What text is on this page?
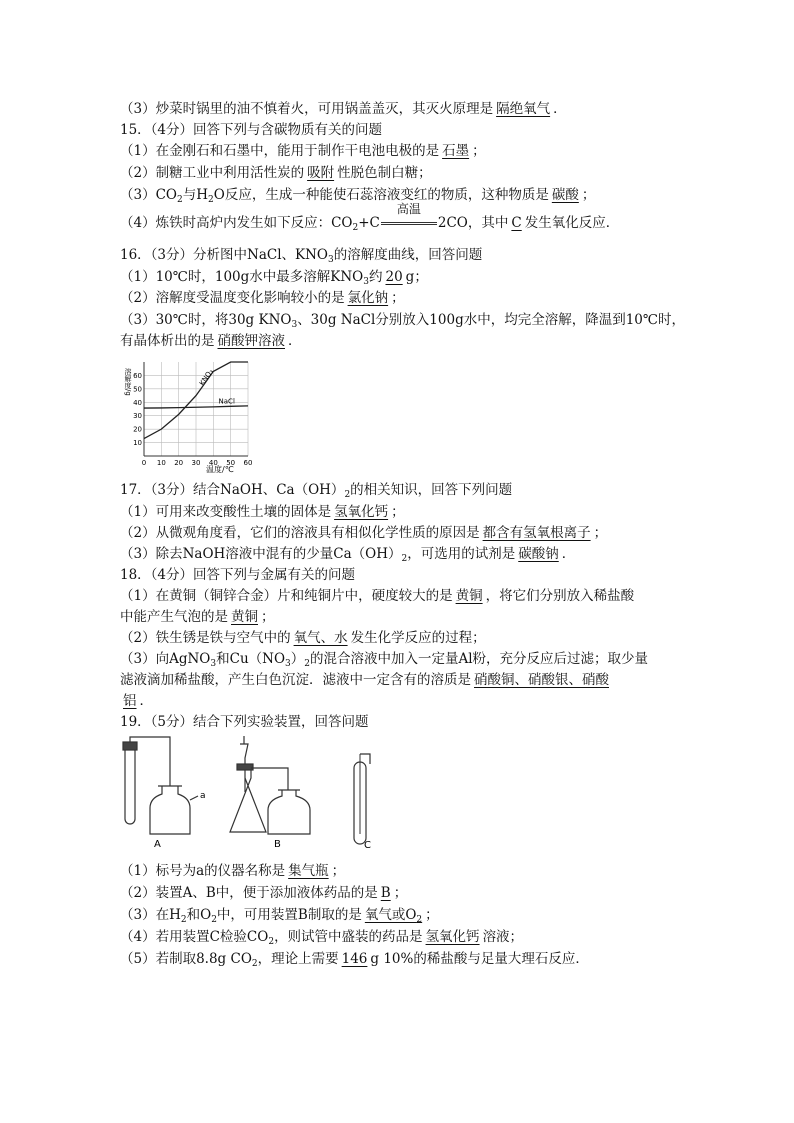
（3）炒菜时锅里的油不慎着火，可用锅盖盖灭，其灭火原理是 隔绝氧气 ．
15．（4分）回答下列与含碳物质有关的问题
（1）在金刚石和石墨中，能用于制作干电池电极的是 石墨 ；
（2）制糖工业中利用活性炭的 吸附 性脱色制白糖；
$(3)CO_2$与$H_2O$反应，生成一种能使石蕊溶液变红的物质，这种物质是 碳酸 ；
（4）炼铁时高炉内发生如下反应：$CO_2+C$
高温
2CO，其中 C 发生氧化反应．
16．（3分）分析图中NaCl、$KNO_3$的溶解度曲线，回答问题
（1）10℃时，100g水中最多溶解$KNO_3$约 20 g；
（2）溶解度受温度变化影响较小的是 氯化钠 ；
（3）30℃时，将30g $KNO_3$、30g NaCl分别放入100g水中，均完全溶解，降温到10℃时，
有晶体析出的是 硝酸钾溶液 ．
0 10 20 30 40 50 60
10
20
30
40
50
60	KNO₃
NaCl
溶解度/g
温度/℃
17．（3分）结合NaOH、$Ca(OH)_2$的相关知识，回答下列问题
（1）可用来改变酸性土壤的固体是 氢氧化钙 ；
（2）从微观角度看，它们的溶液具有相似化学性质的原因是 都含有氢氧根离子 ；
（3）除去NaOH溶液中混有的少量$Ca(OH)_2$，可选用的试剂是 碳酸钠 ．
18．（4分）回答下列与金属有关的问题
（1）在黄铜（铜锌合金）片和纯铜片中，硬度较大的是 黄铜 ，将它们分别放入稀盐酸
中能产生气泡的是 黄铜 ；
（2）铁生锈是铁与空气中的 氧气、水 发生化学反应的过程；
（3）向AgNO$_3$和$Cu(NO_3)_2$的混合溶液中加入一定量Al粉，充分反应后过滤；取少量
滤液滴加稀盐酸，产生白色沉淀．滤液中一定含有的溶质是 硝酸铜、硝酸银、硝酸
铝 ．
19．（5分）结合下列实验装置，回答问题
a
A	B	C
（1）标号为a的仪器名称是 集气瓶 ；
（2）装置A、B中，便于添加液体药品的是 B ；
（3）在$H_2$和$O_2$中，可用装置B制取的是 氧气或$O_2$ ；
（4）若用装置C检验$CO_2$，则试管中盛装的药品是 氢氧化钙 溶液；
（5）若制取8.8g $CO_2$，理论上需要 146 g 10%的稀盐酸与足量大理石反应．
